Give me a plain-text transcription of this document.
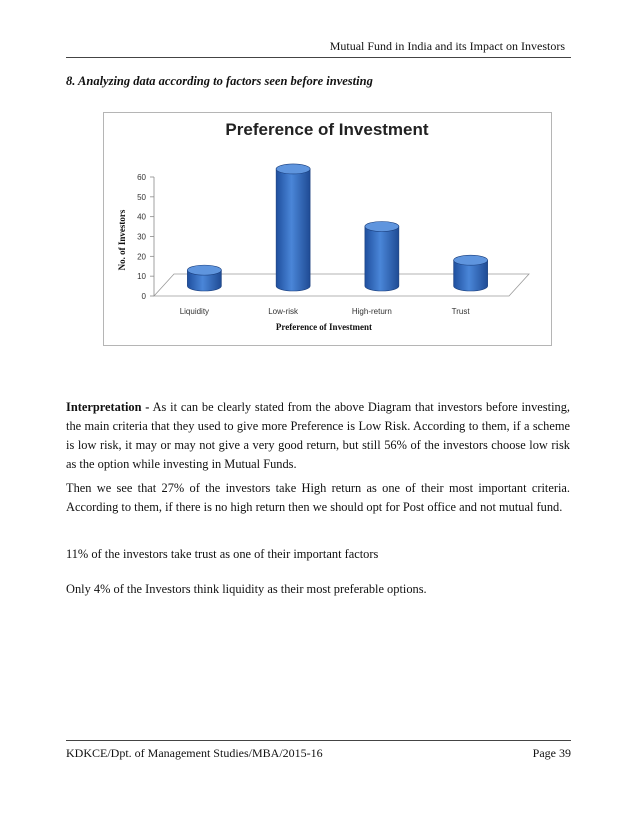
Mutual Fund in India and its Impact on Investors
8. Analyzing data according to factors seen before investing
Preference of Investment
No. of Investors
Preference of Investment
0
10
20
30
40
50
60
Liquidity	Low-risk	High-return	Trust
Interpretation - As it can be clearly stated from the above Diagram that investors before investing, the main criteria that they used to give more Preference is Low Risk. According to them, if a scheme is low risk, it may or may not give a very good return, but still 56% of the investors choose low risk as the option while investing in Mutual Funds.
Then we see that 27% of the investors take High return as one of their most important criteria. According to them, if there is no high return then we should opt for Post office and not mutual fund.
11% of the investors take trust as one of their important factors
Only 4% of the Investors think liquidity as their most preferable options.
KDKCE/Dpt. of Management Studies/MBA/2015-16	Page 39
